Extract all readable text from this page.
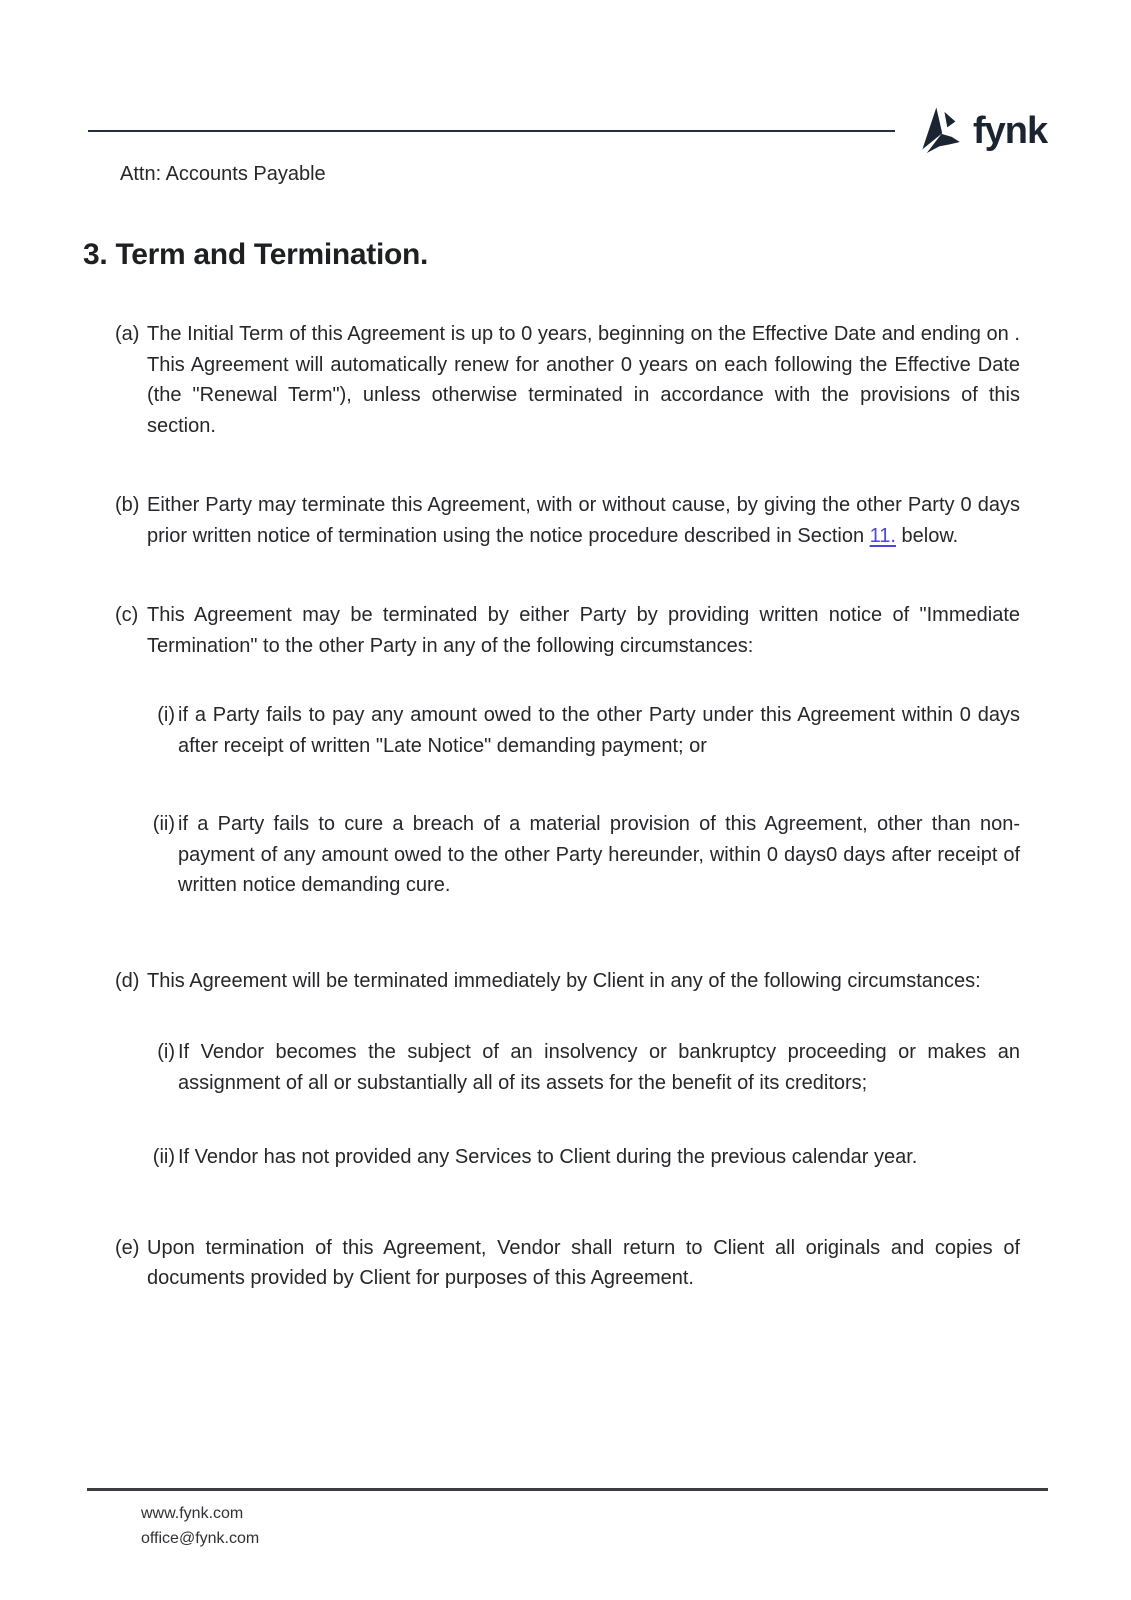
fynk
Attn: Accounts Payable
3. Term and Termination.
(a) The Initial Term of this Agreement is up to 0 years, beginning on the Effective Date and ending on . This Agreement will automatically renew for another 0 years on each following the Effective Date (the "Renewal Term"), unless otherwise terminated in accordance with the provisions of this section.
(b) Either Party may terminate this Agreement, with or without cause, by giving the other Party 0 days prior written notice of termination using the notice procedure described in Section 11. below.
(c) This Agreement may be terminated by either Party by providing written notice of "Immediate Termination" to the other Party in any of the following circumstances:
(i) if a Party fails to pay any amount owed to the other Party under this Agreement within 0 days after receipt of written "Late Notice" demanding payment; or
(ii) if a Party fails to cure a breach of a material provision of this Agreement, other than non-payment of any amount owed to the other Party hereunder, within 0 days0 days after receipt of written notice demanding cure.
(d) This Agreement will be terminated immediately by Client in any of the following circumstances:
(i) If Vendor becomes the subject of an insolvency or bankruptcy proceeding or makes an assignment of all or substantially all of its assets for the benefit of its creditors;
(ii) If Vendor has not provided any Services to Client during the previous calendar year.
(e) Upon termination of this Agreement, Vendor shall return to Client all originals and copies of documents provided by Client for purposes of this Agreement.
www.fynk.com
office@fynk.com
